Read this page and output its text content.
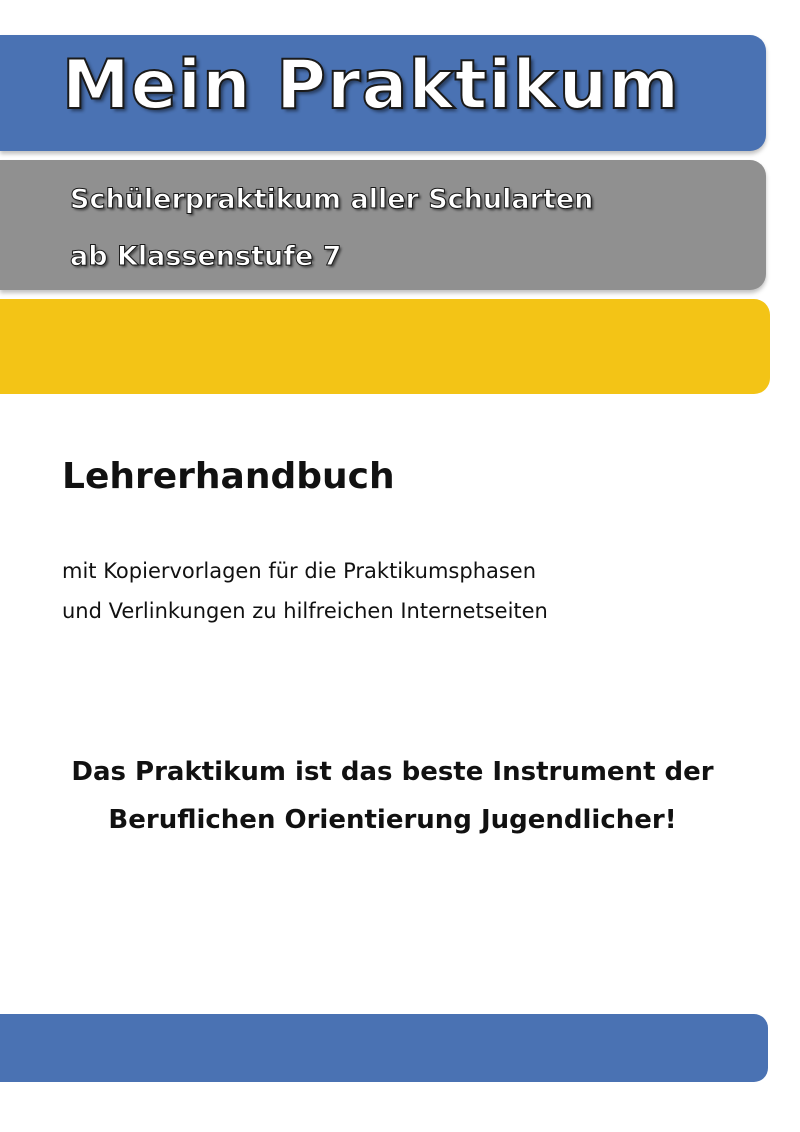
Mein Praktikum

Schülerpraktikum aller Schularten

ab Klassenstufe 7

Lehrerhandbuch

mit Kopiervorlagen für die Praktikumsphasen
und Verlinkungen zu hilfreichen Internetseiten

Das Praktikum ist das beste Instrument der
Beruflichen Orientierung Jugendlicher!
